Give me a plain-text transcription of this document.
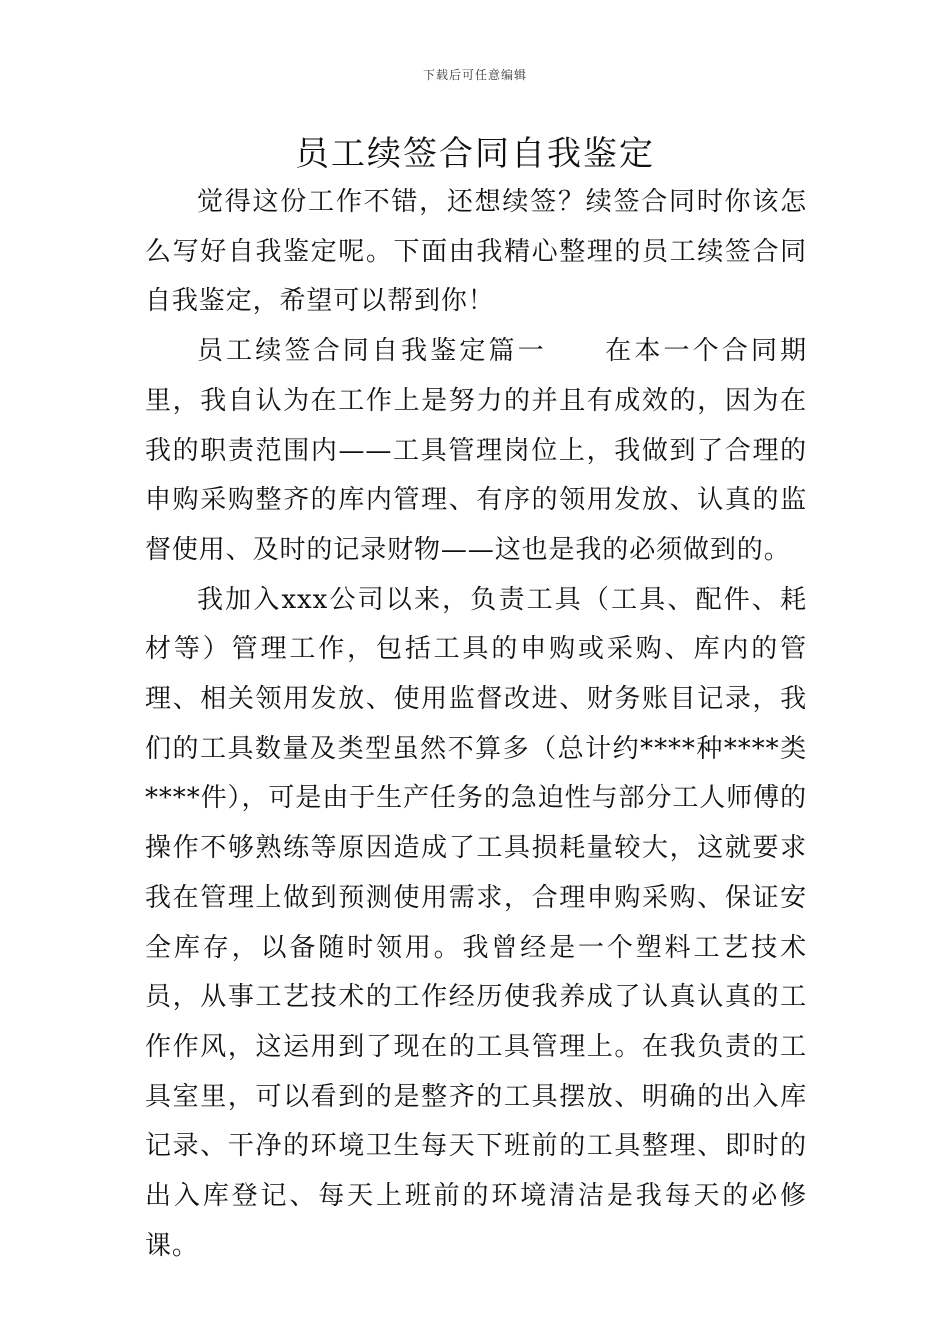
下载后可任意编辑
员工续签合同自我鉴定

觉得这份工作不错，还想续签？续签合同时你该怎么写好自我鉴定呢。下面由我精心整理的员工续签合同自我鉴定，希望可以帮到你！

员工续签合同自我鉴定篇一　　在本一个合同期里，我自认为在工作上是努力的并且有成效的，因为在我的职责范围内——工具管理岗位上，我做到了合理的申购采购整齐的库内管理、有序的领用发放、认真的监督使用、及时的记录财物——这也是我的必须做到的。

我加入xxx公司以来，负责工具（工具、配件、耗材等）管理工作，包括工具的申购或采购、库内的管理、相关领用发放、使用监督改进、财务账目记录，我们的工具数量及类型虽然不算多（总计约****种****类****件），可是由于生产任务的急迫性与部分工人师傅的操作不够熟练等原因造成了工具损耗量较大，这就要求我在管理上做到预测使用需求，合理申购采购、保证安全库存，以备随时领用。我曾经是一个塑料工艺技术员，从事工艺技术的工作经历使我养成了认真认真的工作作风，这运用到了现在的工具管理上。在我负责的工具室里，可以看到的是整齐的工具摆放、明确的出入库记录、干净的环境卫生每天下班前的工具整理、即时的出入库登记、每天上班前的环境清洁是我每天的必修课。
